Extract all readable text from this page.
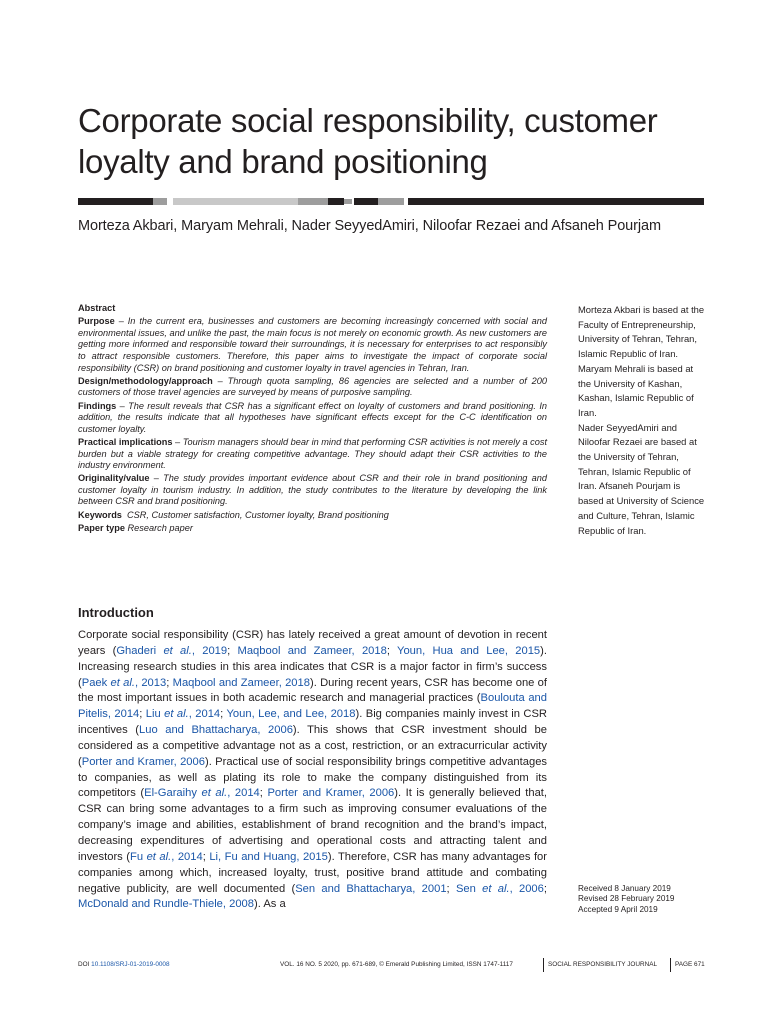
Corporate social responsibility, customer loyalty and brand positioning
Morteza Akbari, Maryam Mehrali, Nader SeyyedAmiri, Niloofar Rezaei and Afsaneh Pourjam

Abstract

Purpose – In the current era, businesses and customers are becoming increasingly concerned with social and environmental issues, and unlike the past, the main focus is not merely on economic growth. As new customers are getting more informed and responsible toward their surroundings, it is necessary for enterprises to act responsibly to attract responsible customers. Therefore, this paper aims to investigate the impact of corporate social responsibility (CSR) on brand positioning and customer loyalty in travel agencies in Tehran, Iran.

Design/methodology/approach – Through quota sampling, 86 agencies are selected and a number of 200 customers of those travel agencies are surveyed by means of purposive sampling.

Findings – The result reveals that CSR has a significant effect on loyalty of customers and brand positioning. In addition, the results indicate that all hypotheses have significant effects except for the C-C identification on customer loyalty.

Practical implications – Tourism managers should bear in mind that performing CSR activities is not merely a cost burden but a viable strategy for creating competitive advantage. They should adapt their CSR activities to the industry environment.

Originality/value – The study provides important evidence about CSR and their role in brand positioning and customer loyalty in tourism industry. In addition, the study contributes to the literature by developing the link between CSR and brand positioning.

Keywords CSR, Customer satisfaction, Customer loyalty, Brand positioning

Paper type Research paper

Morteza Akbari is based at the Faculty of Entrepreneurship, University of Tehran, Tehran, Islamic Republic of Iran. Maryam Mehrali is based at the University of Kashan, Kashan, Islamic Republic of Iran.

Nader SeyyedAmiri and Niloofar Rezaei are based at the University of Tehran, Tehran, Islamic Republic of Iran. Afsaneh Pourjam is based at University of Science and Culture, Tehran, Islamic Republic of Iran.

Introduction

Corporate social responsibility (CSR) has lately received a great amount of devotion in recent years (Ghaderi et al., 2019; Maqbool and Zameer, 2018; Youn, Hua and Lee, 2015). Increasing research studies in this area indicates that CSR is a major factor in firm’s success (Paek et al., 2013; Maqbool and Zameer, 2018). During recent years, CSR has become one of the most important issues in both academic research and managerial practices (Boulouta and Pitelis, 2014; Liu et al., 2014; Youn, Lee, and Lee, 2018). Big companies mainly invest in CSR incentives (Luo and Bhattacharya, 2006). This shows that CSR investment should be considered as a competitive advantage not as a cost, restriction, or an extracurricular activity (Porter and Kramer, 2006). Practical use of social responsibility brings competitive advantages to companies, as well as plating its role to make the company distinguished from its competitors (El-Garaihy et al., 2014; Porter and Kramer, 2006). It is generally believed that, CSR can bring some advantages to a firm such as improving consumer evaluations of the company’s image and abilities, establishment of brand recognition and the brand’s impact, decreasing expenditures of advertising and operational costs and attracting talent and investors (Fu et al., 2014; Li, Fu and Huang, 2015). Therefore, CSR has many advantages for companies among which, increased loyalty, trust, positive brand attitude and combating negative publicity, are well documented (Sen and Bhattacharya, 2001; Sen et al., 2006; McDonald and Rundle-Thiele, 2008). As a

Received 8 January 2019
Revised 28 February 2019
Accepted 9 April 2019
DOI 10.1108/SRJ-01-2019-0008	VOL. 16 NO. 5 2020, pp. 671-689, © Emerald Publishing Limited, ISSN 1747-1117	SOCIAL RESPONSIBILITY JOURNAL	PAGE 671
